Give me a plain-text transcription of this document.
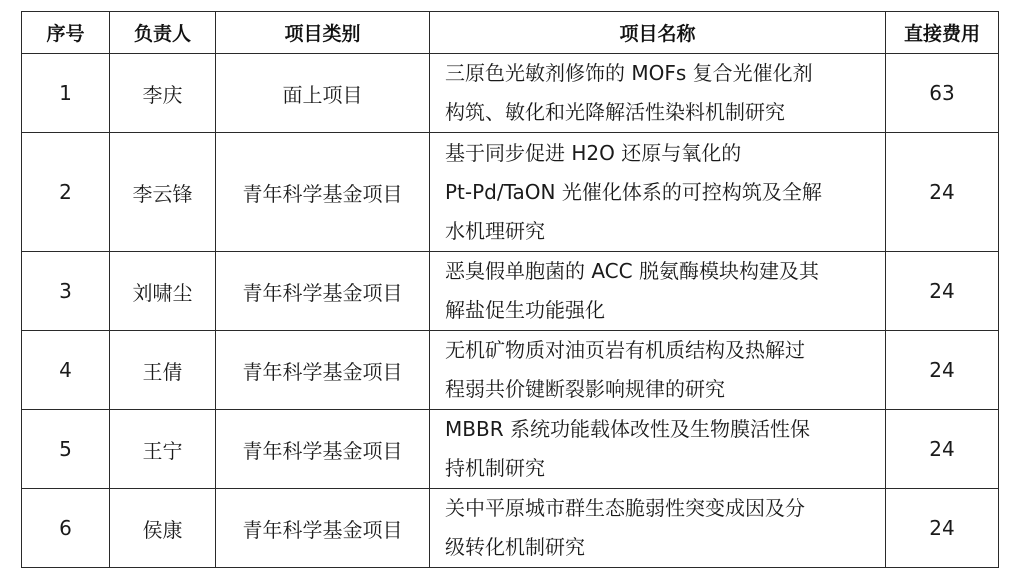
序号	负责人	项目类别	项目名称	直接费用
1	李庆	面上项目	三原色光敏剂修饰的 MOFs 复合光催化剂
构筑、敏化和光降解活性染料机制研究	63
2	李云锋	青年科学基金项目	基于同步促进 H2O 还原与氧化的
Pt-Pd/TaON 光催化体系的可控构筑及全解
水机理研究	24
3	刘啸尘	青年科学基金项目	恶臭假单胞菌的 ACC 脱氨酶模块构建及其
解盐促生功能强化	24
4	王倩	青年科学基金项目	无机矿物质对油页岩有机质结构及热解过
程弱共价键断裂影响规律的研究	24
5	王宁	青年科学基金项目	MBBR 系统功能载体改性及生物膜活性保
持机制研究	24
6	侯康	青年科学基金项目	关中平原城市群生态脆弱性突变成因及分
级转化机制研究	24
